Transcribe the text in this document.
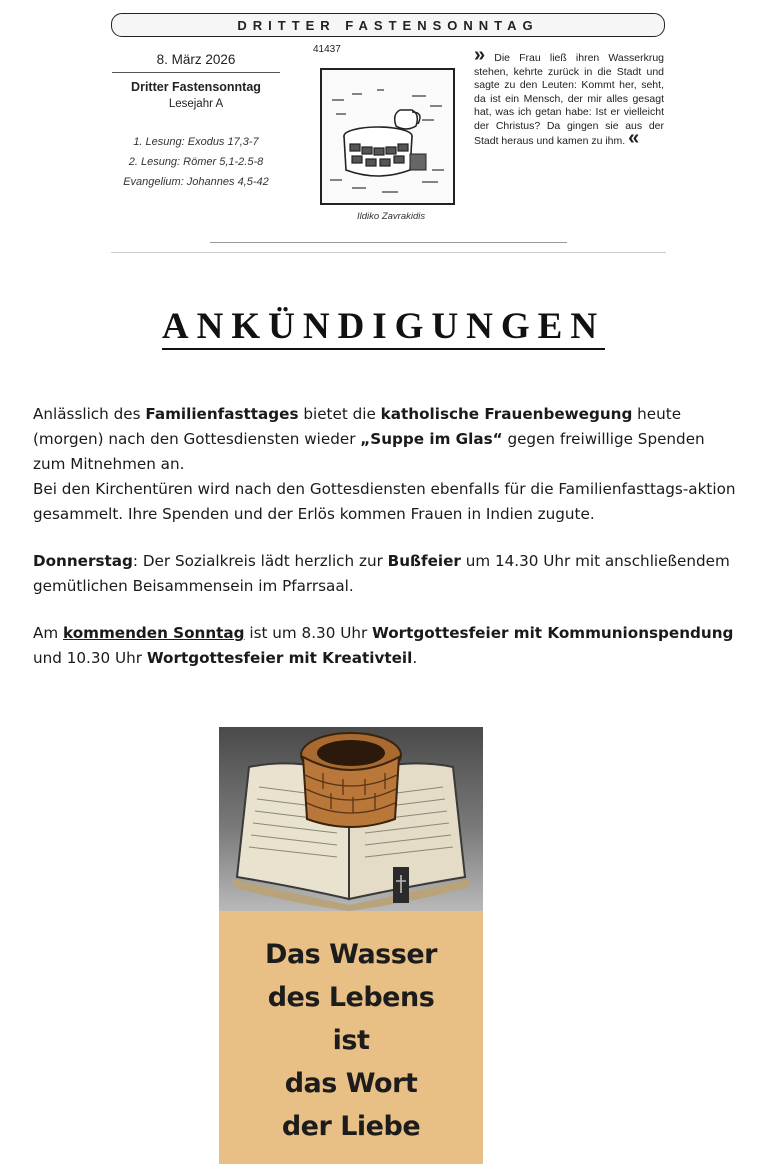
DRITTER FASTENSONNTAG
8. März 2026
Dritter Fastensonntag
Lesejahr A
1. Lesung: Exodus 17,3-7
2. Lesung: Römer 5,1-2.5-8
Evangelium: Johannes 4,5-42
41437
Ildiko Zavrakidis
» Die Frau ließ ihren Wasserkrug stehen, kehrte zurück in die Stadt und sagte zu den Leuten: Kommt her, seht, da ist ein Mensch, der mir alles gesagt hat, was ich getan habe: Ist er vielleicht der Christus? Da gingen sie aus der Stadt heraus und kamen zu ihm. «
ANKÜNDIGUNGEN

Anlässlich des Familienfasttages bietet die katholische Frauenbewegung heute (morgen) nach den Gottesdiensten wieder „Suppe im Glas“ gegen freiwillige Spenden zum Mitnehmen an.

Bei den Kirchentüren wird nach den Gottesdiensten ebenfalls für die Familienfasttags-aktion gesammelt. Ihre Spenden und der Erlös kommen Frauen in Indien zugute.

Donnerstag: Der Sozialkreis lädt herzlich zur Bußfeier um 14.30 Uhr mit anschließendem gemütlichen Beisammensein im Pfarrsaal.

Am kommenden Sonntag ist um 8.30 Uhr Wortgottesfeier mit Kommunionspendung und 10.30 Uhr Wortgottesfeier mit Kreativteil.

Das Wasser
des Lebens
ist
das Wort
der Liebe
